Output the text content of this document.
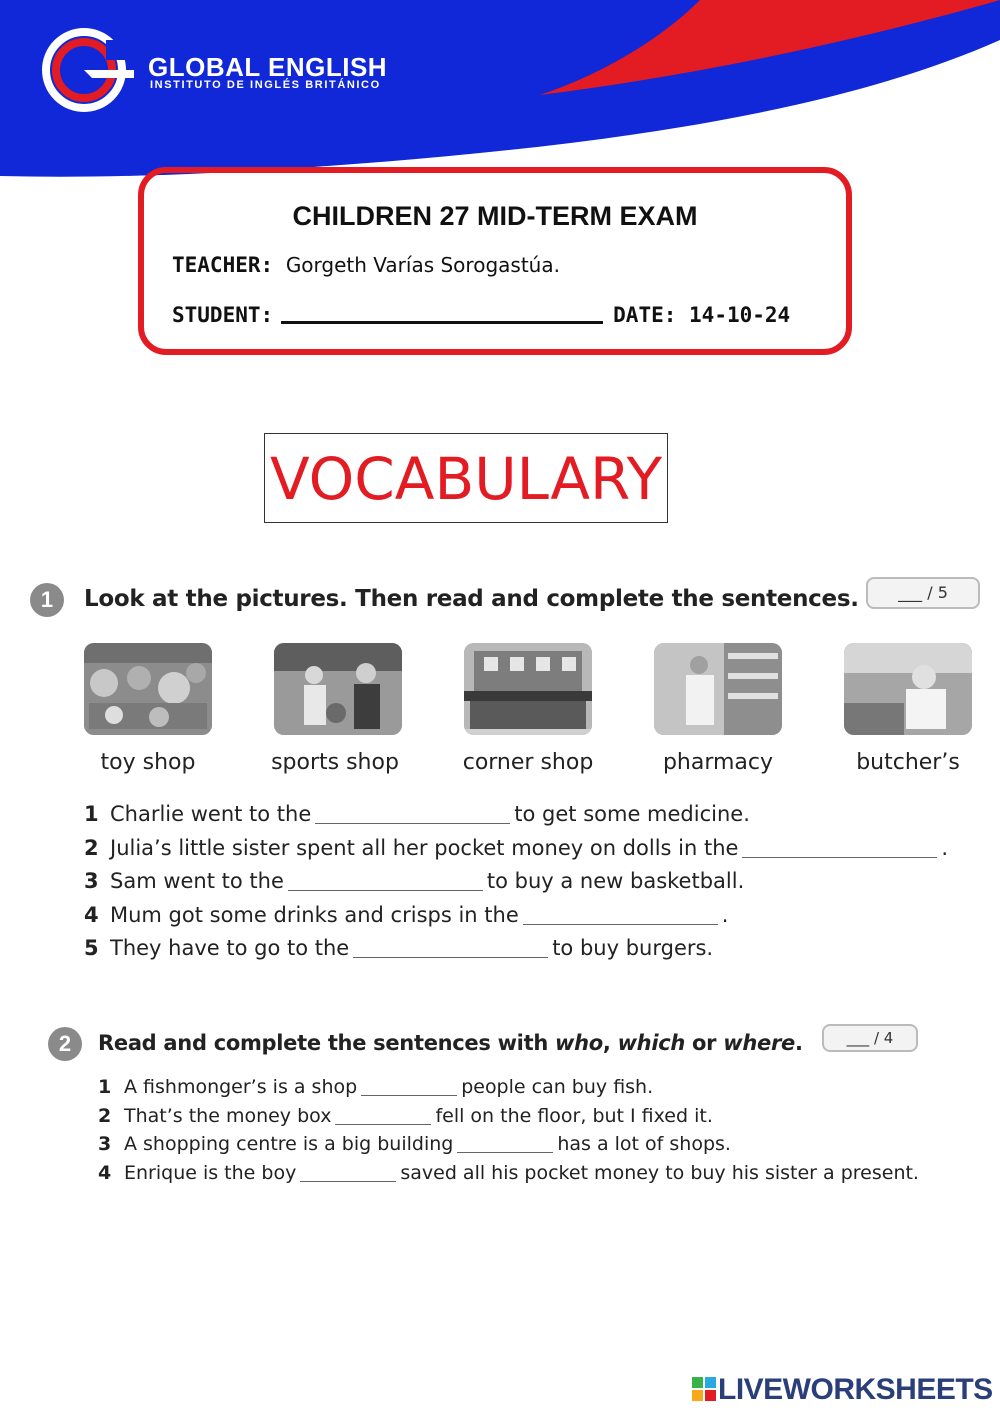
GLOBAL ENGLISH
INSTITUTO DE INGLÉS BRITÁNICO
CHILDREN 27 MID-TERM EXAM
TEACHER: Gorgeth Varías Sorogastúa.
STUDENT:	DATE: 14-10-24
VOCABULARY
1	Look at the pictures. Then read and complete the sentences.	___ / 5
toy shop	sports shop	corner shop	pharmacy	butcher’s
1 Charlie went to the	to get some medicine.
2 Julia’s little sister spent all her pocket money on dolls in the	.
3 Sam went to the	to buy a new basketball.
4 Mum got some drinks and crisps in the	.
5 They have to go to the	to buy burgers.
2	Read and complete the sentences with who, which or where.	___ / 4
1 A fishmonger’s is a shop	people can buy fish.
2 That’s the money box	fell on the floor, but I fixed it.
3 A shopping centre is a big building	has a lot of shops.
4 Enrique is the boy	saved all his pocket money to buy his sister a present.
LIVEWORKSHEETS
